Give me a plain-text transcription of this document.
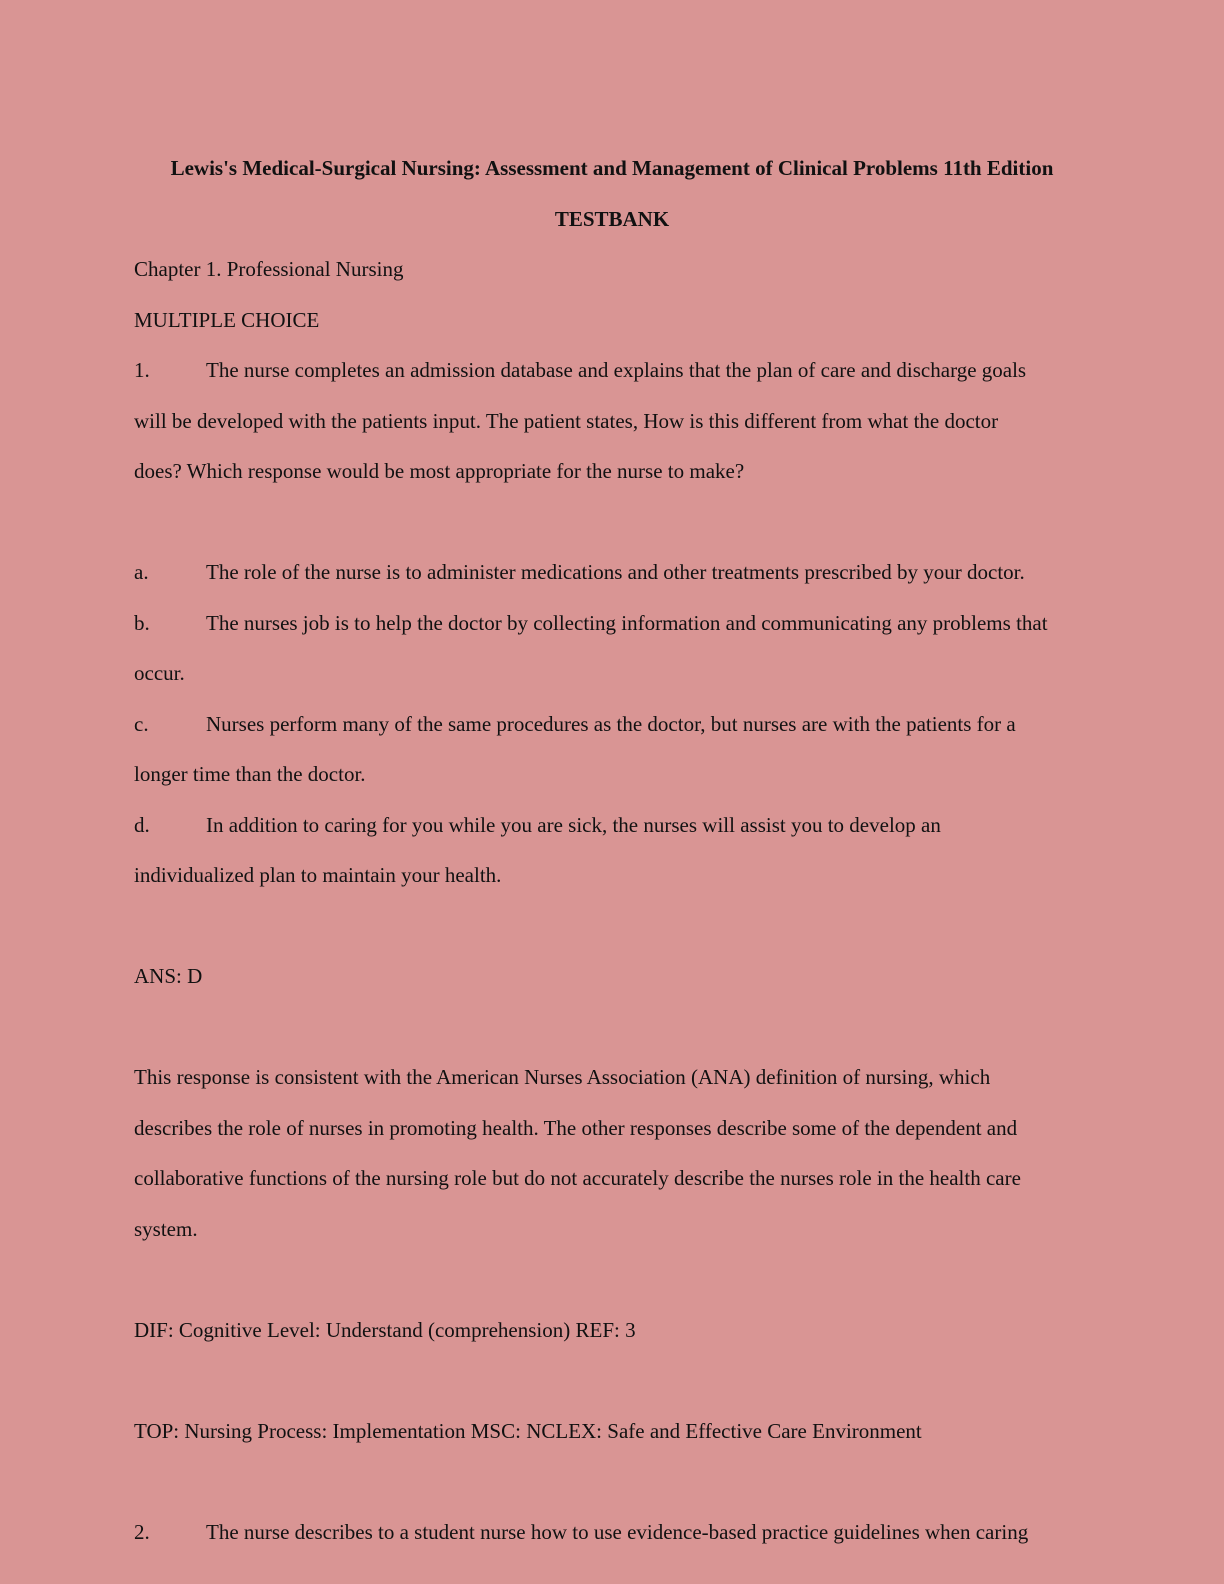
Lewis's Medical-Surgical Nursing: Assessment and Management of Clinical Problems 11th Edition
TESTBANK

Chapter 1. Professional Nursing

MULTIPLE CHOICE

1.	The nurse completes an admission database and explains that the plan of care and discharge goals

will be developed with the patients input. The patient states, How is this different from what the doctor

does? Which response would be most appropriate for the nurse to make?

a.	The role of the nurse is to administer medications and other treatments prescribed by your doctor.

b.	The nurses job is to help the doctor by collecting information and communicating any problems that

occur.

c.	Nurses perform many of the same procedures as the doctor, but nurses are with the patients for a

longer time than the doctor.

d.	In addition to caring for you while you are sick, the nurses will assist you to develop an

individualized plan to maintain your health.

ANS: D

This response is consistent with the American Nurses Association (ANA) definition of nursing, which

describes the role of nurses in promoting health. The other responses describe some of the dependent and

collaborative functions of the nursing role but do not accurately describe the nurses role in the health care

system.

DIF: Cognitive Level: Understand (comprehension) REF: 3

TOP: Nursing Process: Implementation MSC: NCLEX: Safe and Effective Care Environment

2.	The nurse describes to a student nurse how to use evidence-based practice guidelines when caring
